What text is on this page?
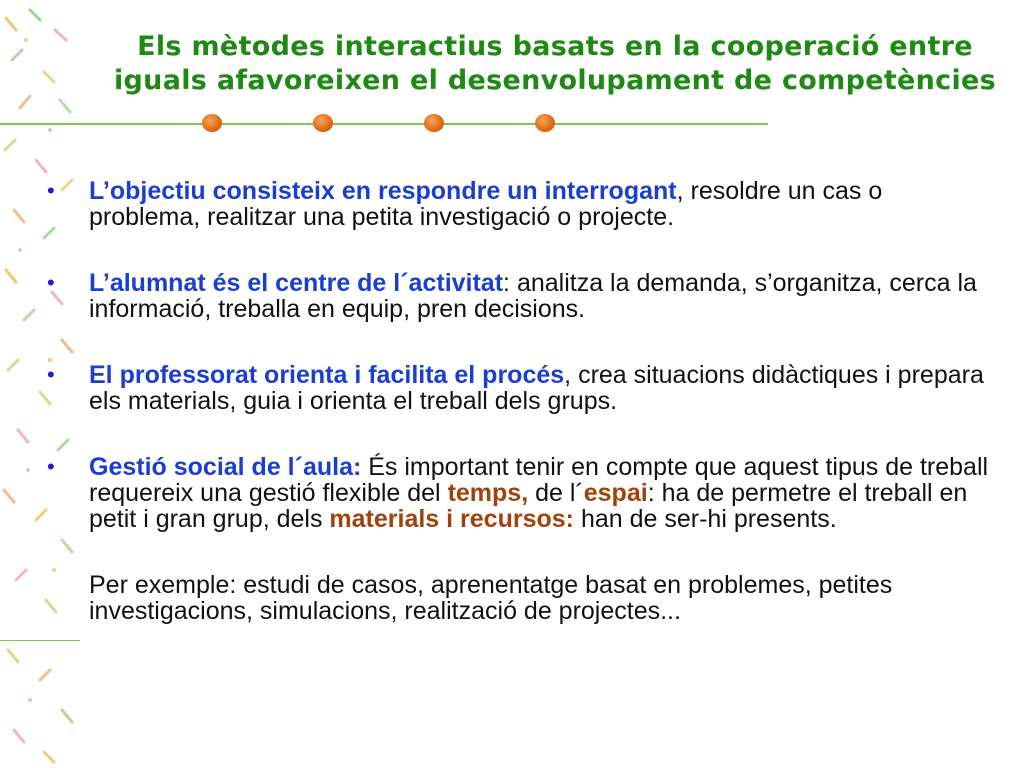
Els mètodes interactius basats en la cooperació entre
iguals afavoreixen el desenvolupament de competències
•	L’objectiu consisteix en respondre un interrogant, resoldre un cas o problema, realitzar una petita investigació o projecte.
•	L’alumnat és el centre de l´activitat: analitza la demanda, s’organitza, cerca la informació, treballa en equip, pren decisions.
•	El professorat orienta i facilita el procés, crea situacions didàctiques i prepara els materials, guia i orienta el treball dels grups.
•	Gestió social de l´aula: És important tenir en compte que aquest tipus de treball requereix una gestió flexible del temps, de l´espai: ha de permetre el treball en petit i gran grup, dels materials i recursos: han de ser-hi presents.
Per exemple: estudi de casos, aprenentatge basat en problemes, petites investigacions, simulacions, realització de projectes...
